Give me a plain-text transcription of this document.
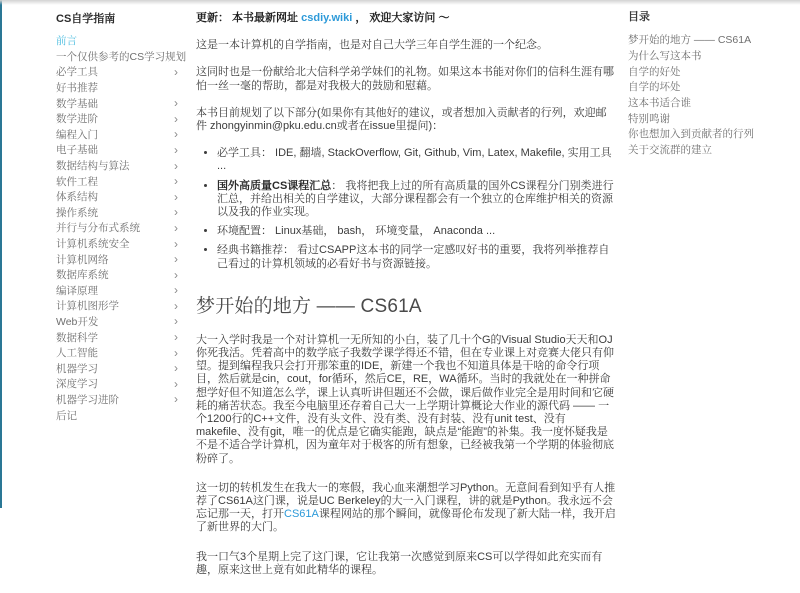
CS自学指南
前言
一个仅供参考的CS学习规划
必学工具	›
好书推荐
数学基础	›
数学进阶	›
编程入门	›
电子基础	›
数据结构与算法	›
软件工程	›
体系结构	›
操作系统	›
并行与分布式系统	›
计算机系统安全	›
计算机网络	›
数据库系统	›
编译原理	›
计算机图形学	›
Web开发	›
数据科学	›
人工智能	›
机器学习	›
深度学习	›
机器学习进阶	›
后记

更新： 本书最新网址 csdiy.wiki ， 欢迎大家访问 ～

这是一本计算机的自学指南，也是对自己大学三年自学生涯的一个纪念。

这同时也是一份献给北大信科学弟学妹们的礼物。如果这本书能对你们的信科生涯有哪怕一丝一毫的帮助，都是对我极大的鼓励和慰藉。

本书目前规划了以下部分(如果你有其他好的建议，或者想加入贡献者的行列，欢迎邮件 zhongyinmin@pku.edu.cn或者在issue里提问)：

• 必学工具： IDE, 翻墙, StackOverflow, Git, Github, Vim, Latex, Makefile, 实用工具 ...
• 国外高质量CS课程汇总： 我将把我上过的所有高质量的国外CS课程分门别类进行汇总，并给出相关的自学建议，大部分课程都会有一个独立的仓库维护相关的资源以及我的作业实现。
• 环境配置： Linux基础， bash， 环境变量， Anaconda ...
• 经典书籍推荐： 看过CSAPP这本书的同学一定感叹好书的重要，我将列举推荐自己看过的计算机领域的必看好书与资源链接。
梦开始的地方 —— CS61A

大一入学时我是一个对计算机一无所知的小白，装了几十个G的Visual Studio天天和OJ你死我活。凭着高中的数学底子我数学课学得还不错，但在专业课上对竞赛大佬只有仰望。提到编程我只会打开那笨重的IDE，新建一个我也不知道具体是干啥的命令行项目，然后就是cin，cout，for循环，然后CE，RE，WA循环。当时的我就处在一种拼命想学好但不知道怎么学，课上认真听讲但题还不会做，课后做作业完全是用时间和它硬耗的痛苦状态。我至今电脑里还存着自己大一上学期计算概论大作业的源代码 —— 一个1200行的C++文件，没有头文件、没有类、没有封装、没有unit test、没有makefile、没有git，唯一的优点是它确实能跑，缺点是“能跑”的补集。我一度怀疑我是不是不适合学计算机，因为童年对于极客的所有想象，已经被我第一个学期的体验彻底粉碎了。

这一切的转机发生在我大一的寒假，我心血来潮想学习Python。无意间看到知乎有人推荐了CS61A这门课，说是UC Berkeley的大一入门课程，讲的就是Python。我永远不会忘记那一天，打开CS61A课程网站的那个瞬间，就像哥伦布发现了新大陆一样，我开启了新世界的大门。

我一口气3个星期上完了这门课，它让我第一次感觉到原来CS可以学得如此充实而有趣，原来这世上竟有如此精华的课程。

目录
梦开始的地方 —— CS61A
为什么写这本书
自学的好处
自学的坏处
这本书适合谁
特别鸣谢
你也想加入到贡献者的行列
关于交流群的建立
